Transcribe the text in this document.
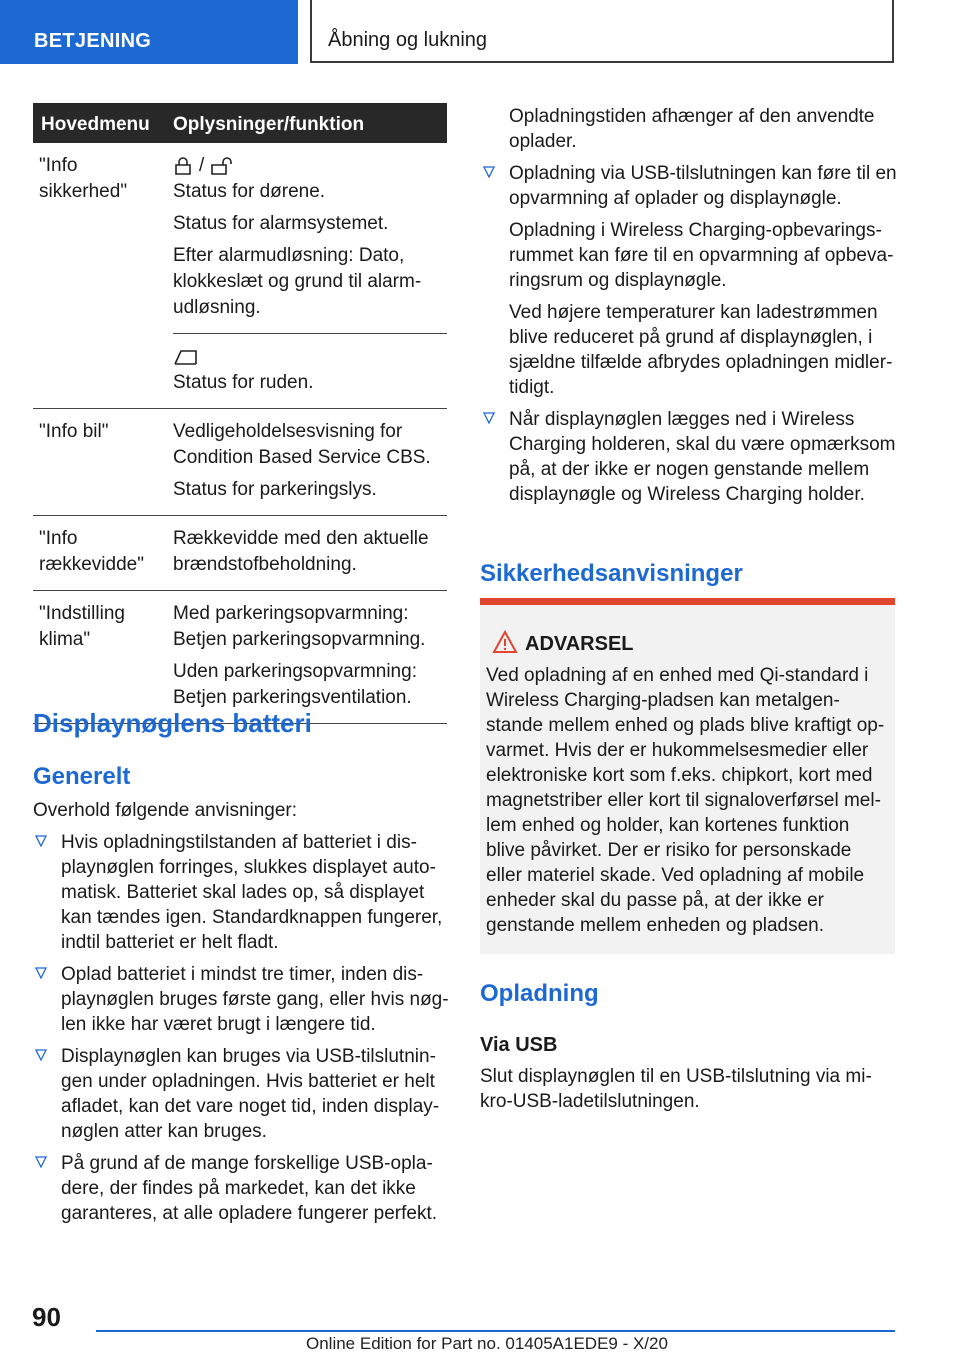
BETJENING	Åbning og lukning
Hovedmenu Oplysninger/funktion
"Info sikkerhed"
/

Status for dørene.

Status for alarmsystemet.

Efter alarmudløsning: Dato, klokkeslæt og grund til alarmudløsning.

Status for ruden.

"Info bil"	Vedligeholdelsesvisning for Condition Based Service CBS.

Status for parkeringslys.

"Info rækkevidde"

Rækkevidde med den aktuelle brændstofbeholdning.

"Indstilling klima"

Med parkeringsopvarmning: Betjen parkeringsopvarmning.

Uden parkeringsopvarmning: Betjen parkeringsventilation.

Displaynøglens batteri
Generelt
Overhold følgende anvisninger:
Hvis opladningstilstanden af batteriet i displaynøglen forringes, slukkes displayet automatisk. Batteriet skal lades op, så displayet kan tændes igen. Standardknappen fungerer, indtil batteriet er helt fladt.
Oplad batteriet i mindst tre timer, inden displaynøglen bruges første gang, eller hvis nøglen ikke har været brugt i længere tid.
Displaynøglen kan bruges via USB-tilslutningen under opladningen. Hvis batteriet er helt afladet, kan det vare noget tid, inden displaynøglen atter kan bruges.
På grund af de mange forskellige USB-opladere, der findes på markedet, kan det ikke garanteres, at alle opladere fungerer perfekt.
Opladningstiden afhænger af den anvendte oplader.
Opladning via USB-tilslutningen kan føre til en opvarmning af oplader og displaynøgle.
Opladning i Wireless Charging-opbevaringsrummet kan føre til en opvarmning af opbevaringsrum og displaynøgle.
Ved højere temperaturer kan ladestrømmen blive reduceret på grund af displaynøglen, i sjældne tilfælde afbrydes opladningen midlertidigt.
Når displaynøglen lægges ned i Wireless Charging holderen, skal du være opmærksom på, at der ikke er nogen genstande mellem displaynøgle og Wireless Charging holder.
Sikkerhedsanvisninger
ADVARSEL
Ved opladning af en enhed med Qi-standard i Wireless Charging-pladsen kan metalgenstande mellem enhed og plads blive kraftigt opvarmet. Hvis der er hukommelsesmedier eller elektroniske kort som f.eks. chipkort, kort med magnetstriber eller kort til signaloverførsel mellem enhed og holder, kan kortenes funktion blive påvirket. Der er risiko for personskade eller materiel skade. Ved opladning af mobile enheder skal du passe på, at der ikke er genstande mellem enheden og pladsen.
Opladning
Via USB
Slut displaynøglen til en USB-tilslutning via mikro-USB-ladetilslutningen.
90
Online Edition for Part no. 01405A1EDE9 - X/20
